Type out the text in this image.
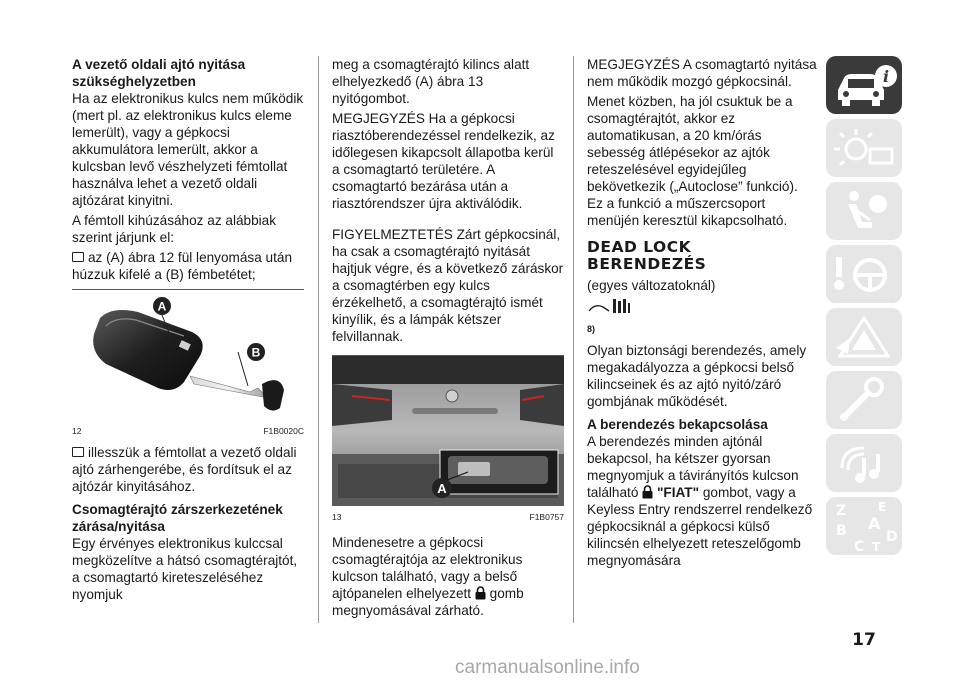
A vezető oldali ajtó nyitása
szükséghelyzetben

Ha az elektronikus kulcs nem működik (mert pl. az elektronikus kulcs eleme lemerült), vagy a gépkocsi akkumulátora lemerült, akkor a kulcsban levő vészhelyzeti fémtollat használva lehet a vezető oldali ajtózárat kinyitni.

A fémtoll kihúzásához az alábbiak szerint járjunk el:

az (A) ábra 12 fül lenyomása után húzzuk kifelé a (B) fémbetétet;

A
B
12	F1B0020C

illesszük a fémtollat a vezető oldali ajtó zárhengerébe, és fordítsuk el az ajtózár kinyitásához.

Csomagtérajtó zárszerkezetének zárása/nyitása

Egy érvényes elektronikus kulccsal megközelítve a hátsó csomagtérajtót, a csomagtartó kireteszeléséhez nyomjuk

meg a csomagtérajtó kilincs alatt elhelyezkedő (A) ábra 13 nyitógombot.

MEGJEGYZÉS Ha a gépkocsi riasztóberendezéssel rendelkezik, az időlegesen kikapcsolt állapotba kerül a csomagtartó területére. A csomagtartó bezárása után a riasztórendszer újra aktiválódik.

FIGYELMEZTETÉS Zárt gépkocsinál, ha csak a csomagtérajtó nyitását hajtjuk végre, és a következő záráskor a csomagtérben egy kulcs érzékelhető, a csomagtérajtó ismét kinyílik, és a lámpák kétszer felvillannak.

A
13	F1B0757

Mindenesetre a gépkocsi csomagtérajtója az elektronikus kulcson található, vagy a belső ajtópanelen elhelyezett gomb megnyomásával zárható.

MEGJEGYZÉS A csomagtartó nyitása nem működik mozgó gépkocsinál.

Menet közben, ha jól csuktuk be a csomagtérajtót, akkor ez automatikusan, a 20 km/órás sebesség átlépésekor az ajtók reteszelésével egyidejűleg bekövetkezik („Autoclose” funkció). Ez a funkció a műszercsoport menüjén keresztül kikapcsolható.

DEAD LOCK
BERENDEZÉS

(egyes változatoknál)

8)

Olyan biztonsági berendezés, amely megakadályozza a gépkocsi belső kilincseinek és az ajtó nyitó/záró gombjának működését.

A berendezés bekapcsolása

A berendezés minden ajtónál bekapcsol, ha kétszer gyorsan megnyomjuk a távirányítós kulcson található "FIAT" gombot, vagy a Keyless Entry rendszerrel rendelkező gépkocsiknál a gépkocsi külső kilincsén elhelyezett reteszelőgomb megnyomására

i
Z	E
B A
C T
D
17
carmanualsonline.info
